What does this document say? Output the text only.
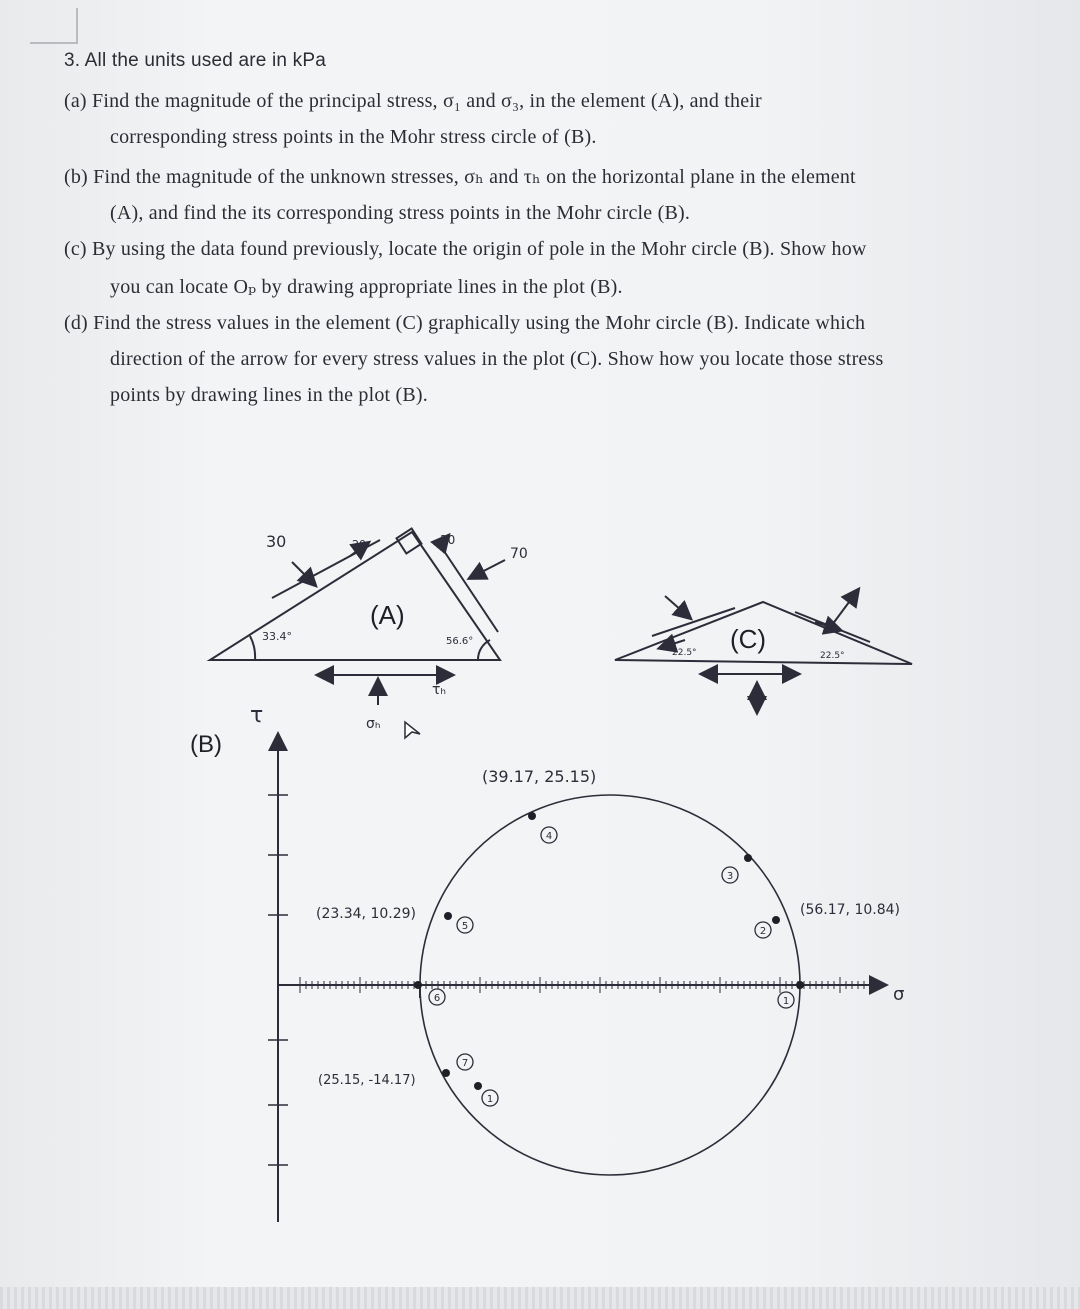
3. All the units used are in kPa
(a) Find the magnitude of the principal stress, σ₁ and σ₃, in the element (A), and their
corresponding stress points in the Mohr stress circle of (B).
(b) Find the magnitude of the unknown stresses, σₕ and τₕ on the horizontal plane in the element
(A), and find the its corresponding stress points in the Mohr circle (B).
(c) By using the data found previously, locate the origin of pole in the Mohr circle (B). Show how
you can locate Oₚ by drawing appropriate lines in the plot (B).
(d) Find the stress values in the element (C) graphically using the Mohr circle (B). Indicate which
direction of the arrow for every stress values in the plot (C). Show how you locate those stress
points by drawing lines in the plot (B).
(A)
30	20	20
70
33.4°	56.6°
τₕ
σₕ
(C)
22.5°	22.5°
(B)
τ
σ
4
3
2
5
6	1
7
1
(39.17, 25.15)
(23.34, 10.29)	(56.17, 10.84)
(25.15, -14.17)
